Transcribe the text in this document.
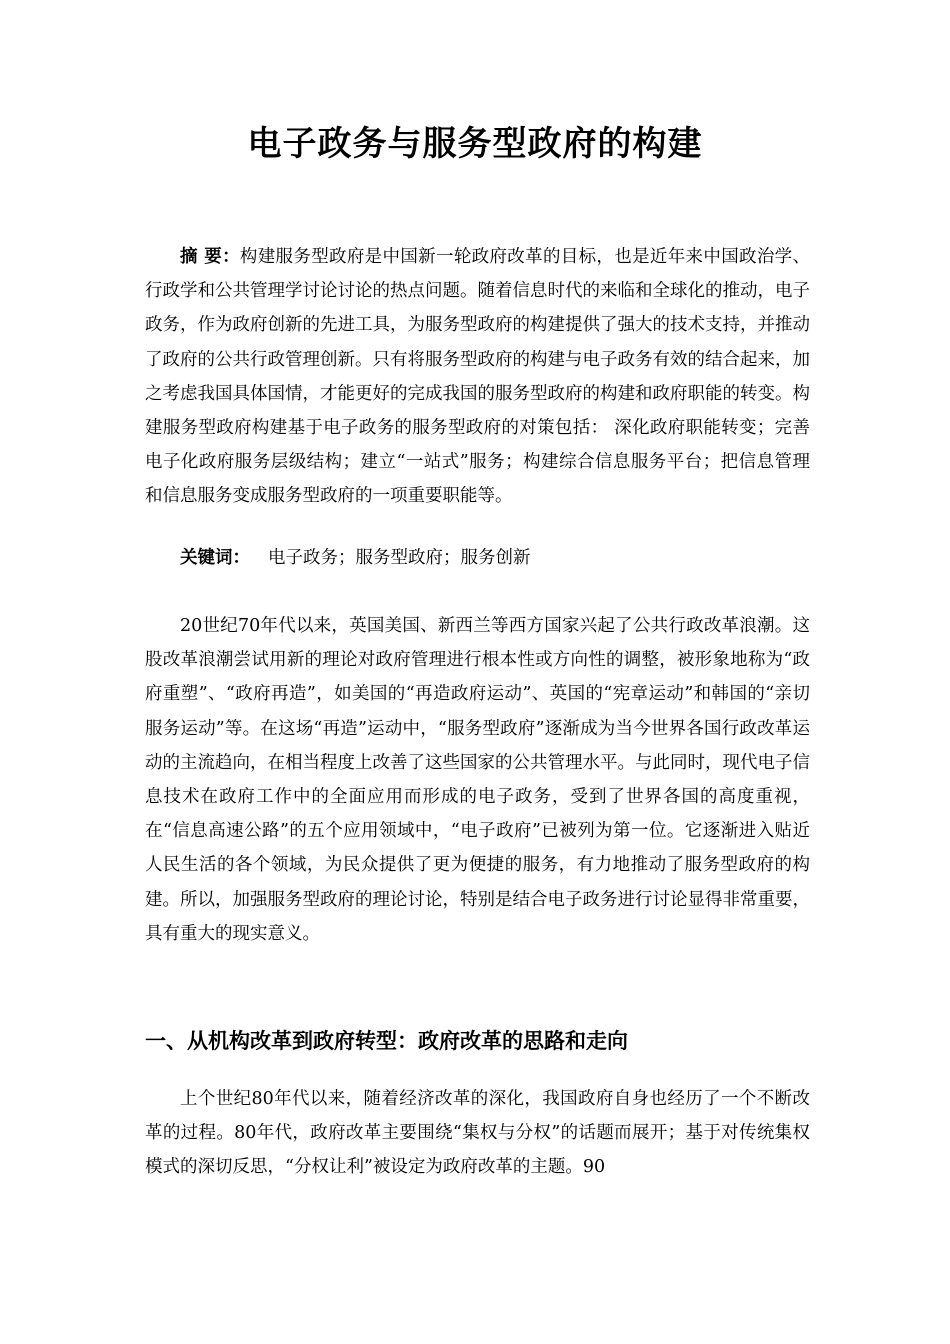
电子政务与服务型政府的构建

摘 要：构建服务型政府是中国新一轮政府改革的目标，也是近年来中国政治学、行政学和公共管理学讨论讨论的热点问题。随着信息时代的来临和全球化的推动，电子政务，作为政府创新的先进工具，为服务型政府的构建提供了强大的技术支持，并推动了政府的公共行政管理创新。只有将服务型政府的构建与电子政务有效的结合起来，加之考虑我国具体国情，才能更好的完成我国的服务型政府的构建和政府职能的转变。构建服务型政府构建基于电子政务的服务型政府的对策包括： 深化政府职能转变；完善电子化政府服务层级结构；建立“一站式”服务；构建综合信息服务平台；把信息管理和信息服务变成服务型政府的一项重要职能等。

关键词： 电子政务；服务型政府；服务创新

20世纪70年代以来，英国美国、新西兰等西方国家兴起了公共行政改革浪潮。这股改革浪潮尝试用新的理论对政府管理进行根本性或方向性的调整，被形象地称为“政府重塑”、“政府再造”，如美国的“再造政府运动”、英国的“宪章运动”和韩国的“亲切服务运动”等。在这场“再造”运动中，“服务型政府”逐渐成为当今世界各国行政改革运动的主流趋向，在相当程度上改善了这些国家的公共管理水平。与此同时，现代电子信息技术在政府工作中的全面应用而形成的电子政务，受到了世界各国的高度重视，在“信息高速公路”的五个应用领域中，“电子政府”已被列为第一位。它逐渐进入贴近人民生活的各个领域，为民众提供了更为便捷的服务，有力地推动了服务型政府的构建。所以，加强服务型政府的理论讨论，特别是结合电子政务进行讨论显得非常重要，具有重大的现实意义。

一、从机构改革到政府转型：政府改革的思路和走向

上个世纪80年代以来，随着经济改革的深化，我国政府自身也经历了一个不断改革的过程。80年代，政府改革主要围绕“集权与分权”的话题而展开；基于对传统集权模式的深切反思，“分权让利”被设定为政府改革的主题。90
